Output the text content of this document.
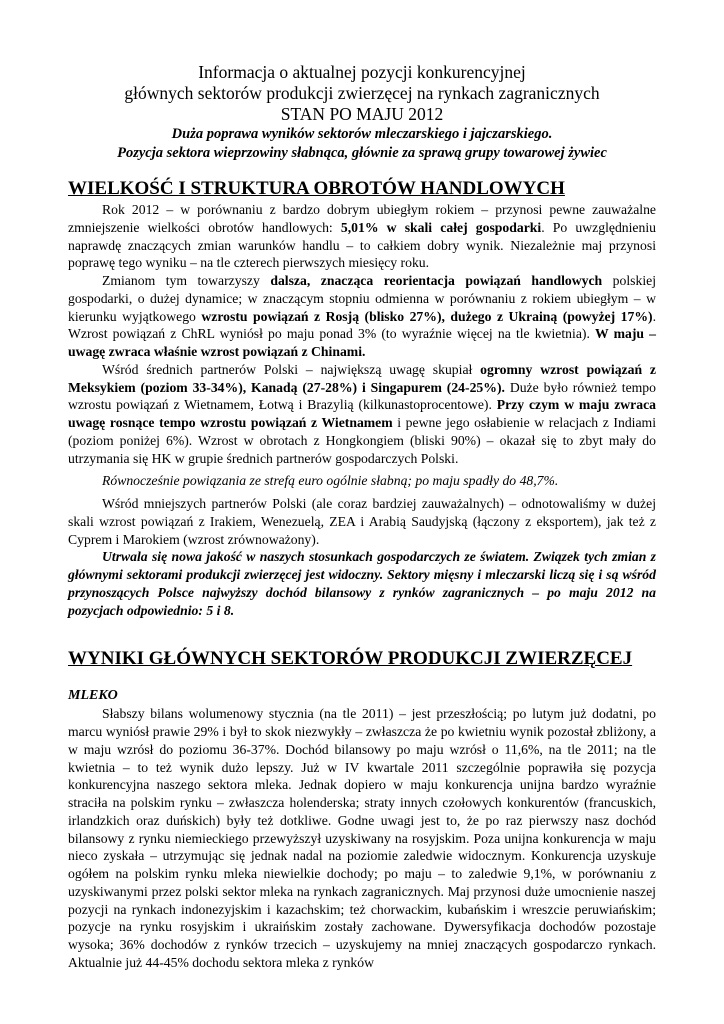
Informacja o aktualnej pozycji konkurencyjnej
głównych sektorów produkcji zwierzęcej na rynkach zagranicznych
STAN PO MAJU 2012
Duża poprawa wyników sektorów mleczarskiego i jajczarskiego.
Pozycja sektora wieprzowiny słabnąca, głównie za sprawą grupy towarowej żywiec
WIELKOŚĆ I STRUKTURA OBROTÓW HANDLOWYCH

Rok 2012 – w porównaniu z bardzo dobrym ubiegłym rokiem – przynosi pewne zauważalne zmniejszenie wielkości obrotów handlowych: 5,01% w skali całej gospodarki. Po uwzględnieniu naprawdę znaczących zmian warunków handlu – to całkiem dobry wynik. Niezależnie maj przynosi poprawę tego wyniku – na tle czterech pierwszych miesięcy roku.

Zmianom tym towarzyszy dalsza, znacząca reorientacja powiązań handlowych polskiej gospodarki, o dużej dynamice; w znaczącym stopniu odmienna w porównaniu z rokiem ubiegłym – w kierunku wyjątkowego wzrostu powiązań z Rosją (blisko 27%), dużego z Ukrainą (powyżej 17%). Wzrost powiązań z ChRL wyniósł po maju ponad 3% (to wyraźnie więcej na tle kwietnia). W maju – uwagę zwraca właśnie wzrost powiązań z Chinami.

Wśród średnich partnerów Polski – największą uwagę skupiał ogromny wzrost powiązań z Meksykiem (poziom 33-34%), Kanadą (27-28%) i Singapurem (24-25%). Duże było również tempo wzrostu powiązań z Wietnamem, Łotwą i Brazylią (kilkunastoprocentowe). Przy czym w maju zwraca uwagę rosnące tempo wzrostu powiązań z Wietnamem i pewne jego osłabienie w relacjach z Indiami (poziom poniżej 6%). Wzrost w obrotach z Hongkongiem (bliski 90%) – okazał się to zbyt mały do utrzymania się HK w grupie średnich partnerów gospodarczych Polski.

Równocześnie powiązania ze strefą euro ogólnie słabną; po maju spadły do 48,7%.

Wśród mniejszych partnerów Polski (ale coraz bardziej zauważalnych) – odnotowaliśmy w dużej skali wzrost powiązań z Irakiem, Wenezuelą, ZEA i Arabią Saudyjską (łączony z eksportem), jak też z Cyprem i Marokiem (wzrost zrównoważony).

Utrwala się nowa jakość w naszych stosunkach gospodarczych ze światem. Związek tych zmian z głównymi sektorami produkcji zwierzęcej jest widoczny. Sektory mięsny i mleczarski liczą się i są wśród przynoszących Polsce najwyższy dochód bilansowy z rynków zagranicznych – po maju 2012 na pozycjach odpowiednio: 5 i 8.

WYNIKI GŁÓWNYCH SEKTORÓW PRODUKCJI ZWIERZĘCEJ
MLEKO

Słabszy bilans wolumenowy stycznia (na tle 2011) – jest przeszłością; po lutym już dodatni, po marcu wyniósł prawie 29% i był to skok niezwykły – zwłaszcza że po kwietniu wynik pozostał zbliżony, a w maju wzrósł do poziomu 36-37%. Dochód bilansowy po maju wzrósł o 11,6%, na tle 2011; na tle kwietnia – to też wynik dużo lepszy. Już w IV kwartale 2011 szczególnie poprawiła się pozycja konkurencyjna naszego sektora mleka. Jednak dopiero w maju konkurencja unijna bardzo wyraźnie straciła na polskim rynku – zwłaszcza holenderska; straty innych czołowych konkurentów (francuskich, irlandzkich oraz duńskich) były też dotkliwe. Godne uwagi jest to, że po raz pierwszy nasz dochód bilansowy z rynku niemieckiego przewyższył uzyskiwany na rosyjskim. Poza unijna konkurencja w maju nieco zyskała – utrzymując się jednak nadal na poziomie zaledwie widocznym. Konkurencja uzyskuje ogółem na polskim rynku mleka niewielkie dochody; po maju – to zaledwie 9,1%, w porównaniu z uzyskiwanymi przez polski sektor mleka na rynkach zagranicznych. Maj przynosi duże umocnienie naszej pozycji na rynkach indonezyjskim i kazachskim; też chorwackim, kubańskim i wreszcie peruwiańskim; pozycje na rynku rosyjskim i ukraińskim zostały zachowane. Dywersyfikacja dochodów pozostaje wysoka; 36% dochodów z rynków trzecich – uzyskujemy na mniej znaczących gospodarczo rynkach. Aktualnie już 44-45% dochodu sektora mleka z rynków
